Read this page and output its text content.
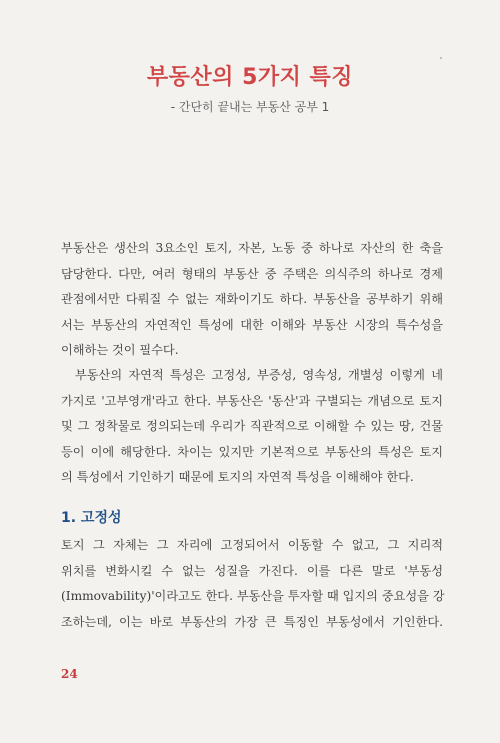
부동산의 5가지 특징
- 간단히 끝내는 부동산 공부 1

부동산은 생산의 3요소인 토지, 자본, 노동 중 하나로 자산의 한 축을

담당한다. 다만, 여러 형태의 부동산 중 주택은 의식주의 하나로 경제

관점에서만 다뤄질 수 없는 재화이기도 하다. 부동산을 공부하기 위해

서는 부동산의 자연적인 특성에 대한 이해와 부동산 시장의 특수성을

이해하는 것이 필수다.

부동산의 자연적 특성은 고정성, 부증성, 영속성, 개별성 이렇게 네

가지로 '고부영개'라고 한다. 부동산은 '동산'과 구별되는 개념으로 토지

및 그 정착물로 정의되는데 우리가 직관적으로 이해할 수 있는 땅, 건물

등이 이에 해당한다. 차이는 있지만 기본적으로 부동산의 특성은 토지

의 특성에서 기인하기 때문에 토지의 자연적 특성을 이해해야 한다.

1. 고정성

토지 그 자체는 그 자리에 고정되어서 이동할 수 없고, 그 지리적

위치를 변화시킬 수 없는 성질을 가진다. 이를 다른 말로 '부동성

(Immovability)'이라고도 한다. 부동산을 투자할 때 입지의 중요성을 강

조하는데, 이는 바로 부동산의 가장 큰 특징인 부동성에서 기인한다.

24
